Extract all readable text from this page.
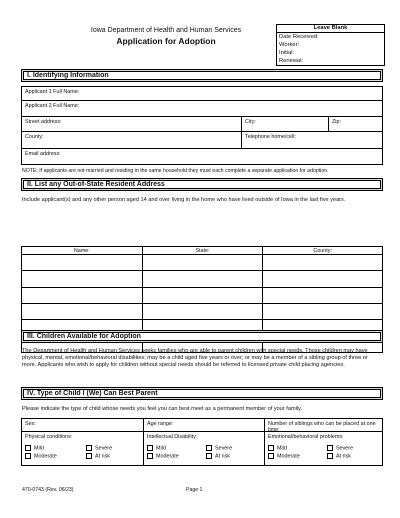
Iowa Department of Health and Human Services
Application for Adoption
Leave Blank
Date Received:
Worker:
Initial:
Renewal:
I. Identifying Information
Applicant 1 Full Name:
Applicant 2 Full Name:
Street address:	City:	Zip:
County:	Telephone home/cell:
Email address:
NOTE: If applicants are not married and residing in the same household they must each complete a separate application for adoption.
II. List any Out-of-State Resident Address
Include applicant(s) and any other person aged 14 and over living in the home who have lived outside of Iowa in the last five years.
Name:	State:	County:

III. Children Available for Adoption
The Department of Health and Human Services seeks families who are able to parent children with special needs. Those children may have physical, mental, emotional/behavioral disabilities; may be a child aged five years or over; or may be a member of a sibling group of three or more. Applicants who wish to apply for children without special needs should be referred to licensed private child placing agencies.
IV. Type of Child I (We) Can Best Parent
Please indicate the type of child whose needs you feel you can best meet as a permanent member of your family.
Sex:	Age range:	Number of siblings who can be placed at one time:
Physical conditions:
Mild	Severe
Moderate	At risk
Intellectual Disability:
Mild	Severe
Moderate	At risk
Emotional/behavioral problems:
Mild	Severe
Moderate	At risk
470-0743 (Rev. 06/23)	Page 1
